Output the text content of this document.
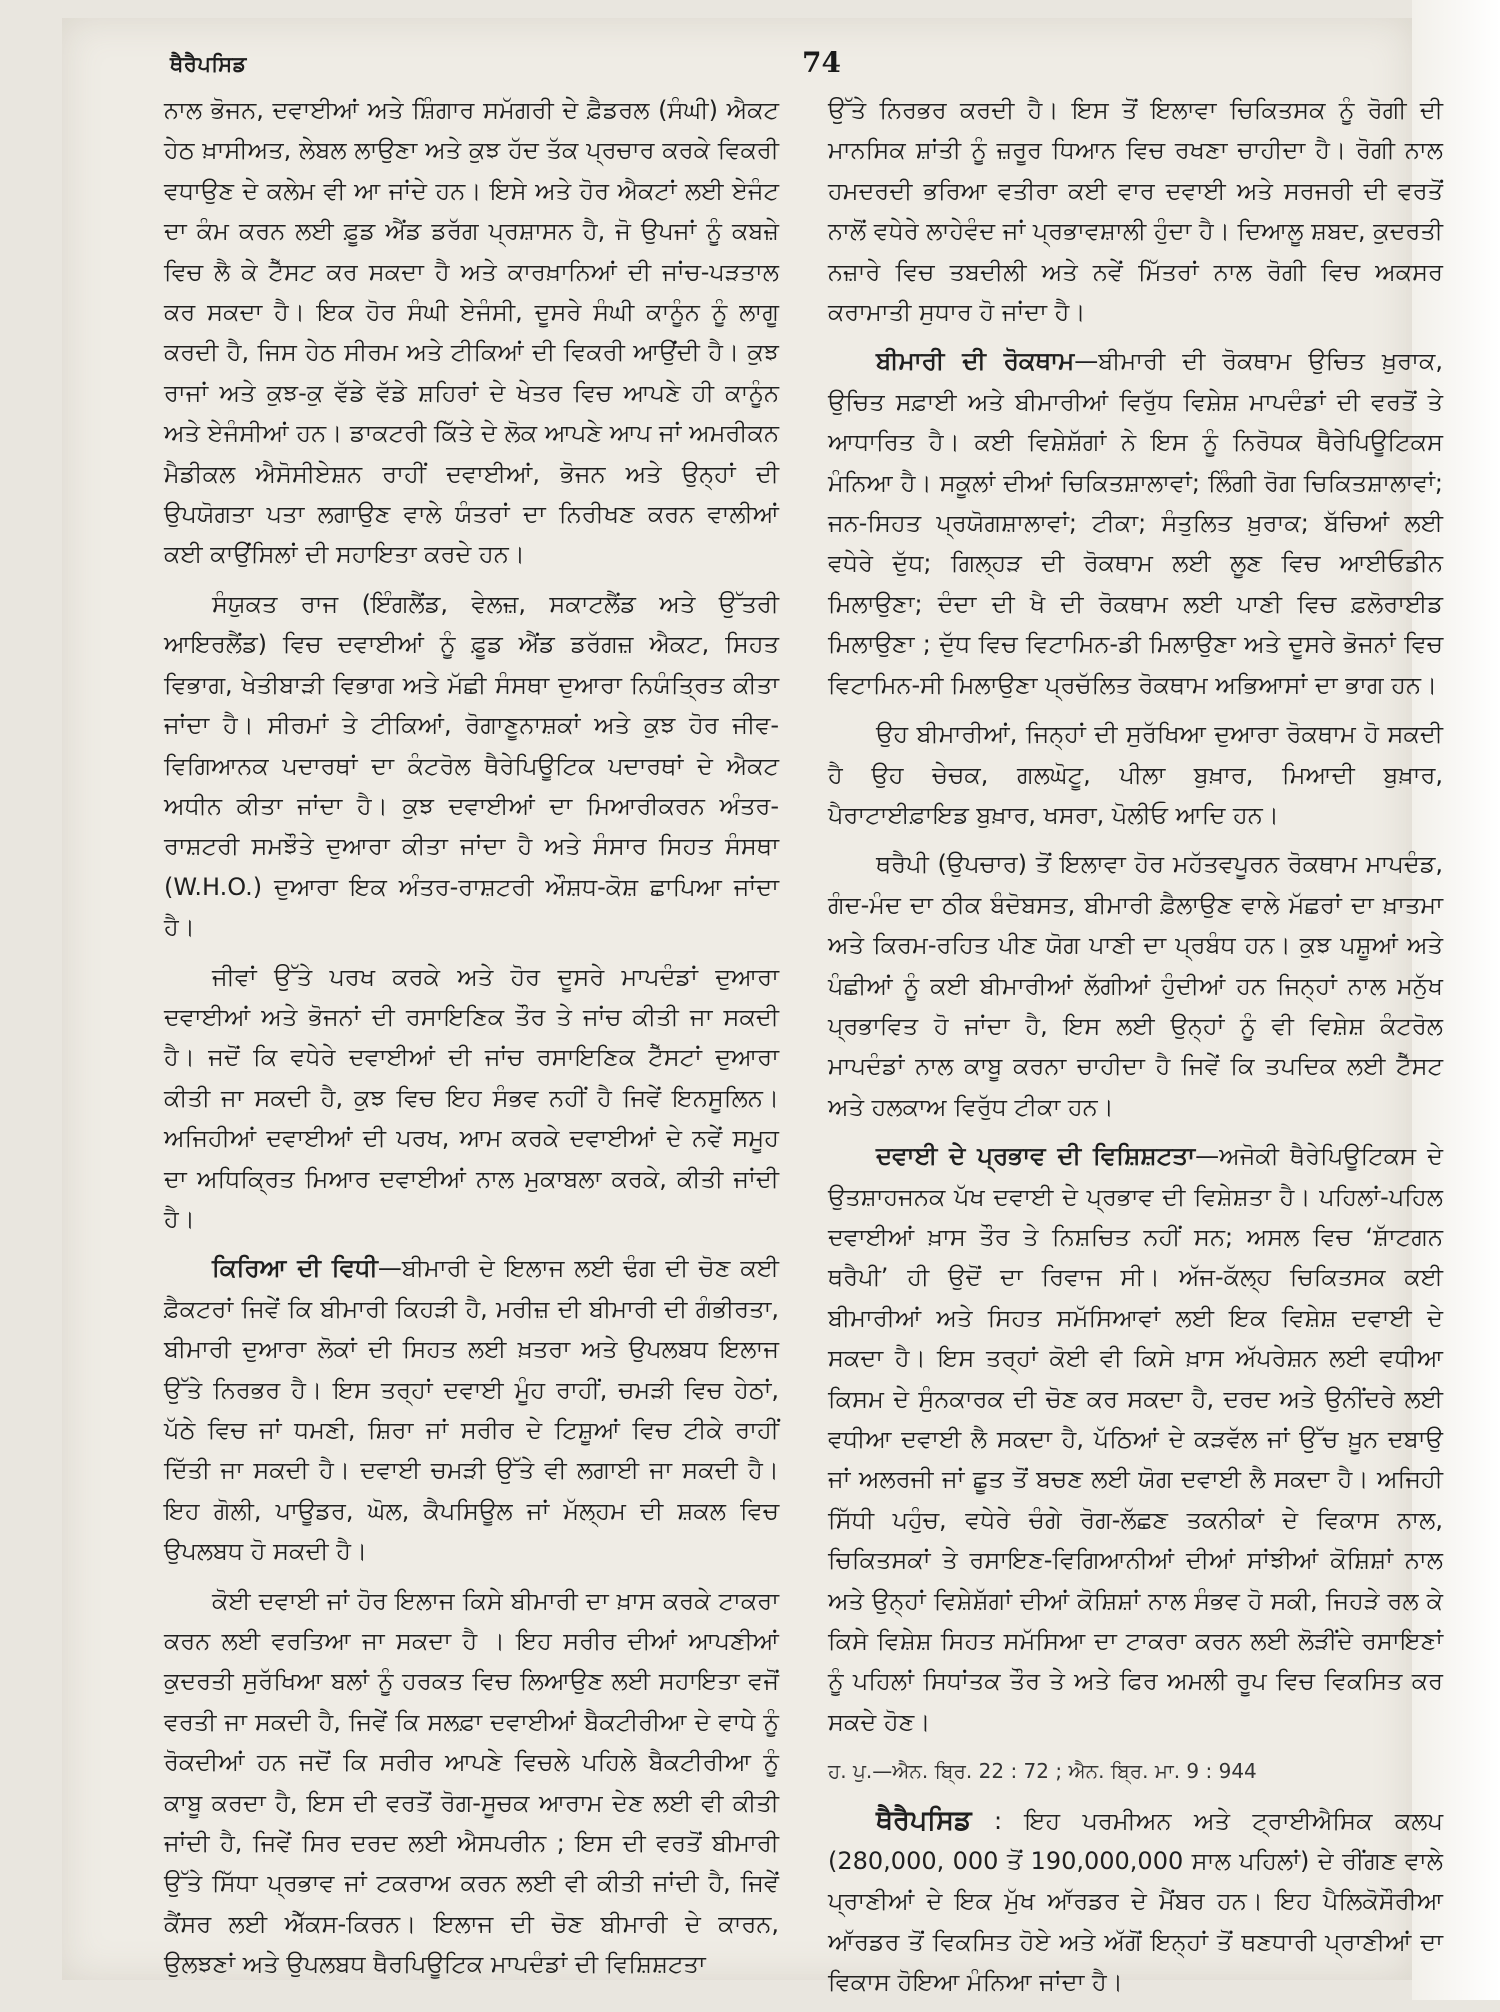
ਥੈਰੈਪਸਿਡ	74

ਨਾਲ ਭੋਜਨ, ਦਵਾਈਆਂ ਅਤੇ ਸ਼ਿੰਗਾਰ ਸਮੱਗਰੀ ਦੇ ਫ਼ੈਡਰਲ (ਸੰਘੀ) ਐਕਟ ਹੇਠ ਖ਼ਾਸੀਅਤ, ਲੇਬਲ ਲਾਉਣਾ ਅਤੇ ਕੁਝ ਹੱਦ ਤੱਕ ਪ੍ਰਚਾਰ ਕਰਕੇ ਵਿਕਰੀ ਵਧਾਉਣ ਦੇ ਕਲੇਮ ਵੀ ਆ ਜਾਂਦੇ ਹਨ। ਇਸੇ ਅਤੇ ਹੋਰ ਐਕਟਾਂ ਲਈ ਏਜੰਟ ਦਾ ਕੰਮ ਕਰਨ ਲਈ ਫ਼ੂਡ ਐਂਡ ਡਰੱਗ ਪ੍ਰਸ਼ਾਸਨ ਹੈ, ਜੋ ਉਪਜਾਂ ਨੂੰ ਕਬਜ਼ੇ ਵਿਚ ਲੈ ਕੇ ਟੈੱਸਟ ਕਰ ਸਕਦਾ ਹੈ ਅਤੇ ਕਾਰਖ਼ਾਨਿਆਂ ਦੀ ਜਾਂਚ-ਪੜਤਾਲ ਕਰ ਸਕਦਾ ਹੈ। ਇਕ ਹੋਰ ਸੰਘੀ ਏਜੰਸੀ, ਦੂਸਰੇ ਸੰਘੀ ਕਾਨੂੰਨ ਨੂੰ ਲਾਗੂ ਕਰਦੀ ਹੈ, ਜਿਸ ਹੇਠ ਸੀਰਮ ਅਤੇ ਟੀਕਿਆਂ ਦੀ ਵਿਕਰੀ ਆਉਂਦੀ ਹੈ। ਕੁਝ ਰਾਜਾਂ ਅਤੇ ਕੁਝ-ਕੁ ਵੱਡੇ ਵੱਡੇ ਸ਼ਹਿਰਾਂ ਦੇ ਖੇਤਰ ਵਿਚ ਆਪਣੇ ਹੀ ਕਾਨੂੰਨ ਅਤੇ ਏਜੰਸੀਆਂ ਹਨ। ਡਾਕਟਰੀ ਕਿੱਤੇ ਦੇ ਲੋਕ ਆਪਣੇ ਆਪ ਜਾਂ ਅਮਰੀਕਨ ਮੈਡੀਕਲ ਐਸੋਸੀਏਸ਼ਨ ਰਾਹੀਂ ਦਵਾਈਆਂ, ਭੋਜਨ ਅਤੇ ਉਨ੍ਹਾਂ ਦੀ ਉਪਯੋਗਤਾ ਪਤਾ ਲਗਾਉਣ ਵਾਲੇ ਯੰਤਰਾਂ ਦਾ ਨਿਰੀਖਣ ਕਰਨ ਵਾਲੀਆਂ ਕਈ ਕਾਉਂਸਿਲਾਂ ਦੀ ਸਹਾਇਤਾ ਕਰਦੇ ਹਨ।

ਸੰਯੁਕਤ ਰਾਜ (ਇੰਗਲੈਂਡ, ਵੇਲਜ਼, ਸਕਾਟਲੈਂਡ ਅਤੇ ਉੱਤਰੀ ਆਇਰਲੈਂਡ) ਵਿਚ ਦਵਾਈਆਂ ਨੂੰ ਫ਼ੂਡ ਐਂਡ ਡਰੱਗਜ਼ ਐਕਟ, ਸਿਹਤ ਵਿਭਾਗ, ਖੇਤੀਬਾੜੀ ਵਿਭਾਗ ਅਤੇ ਮੱਛੀ ਸੰਸਥਾ ਦੁਆਰਾ ਨਿਯੰਤ੍ਰਿਤ ਕੀਤਾ ਜਾਂਦਾ ਹੈ। ਸੀਰਮਾਂ ਤੇ ਟੀਕਿਆਂ, ਰੋਗਾਣੂਨਾਸ਼ਕਾਂ ਅਤੇ ਕੁਝ ਹੋਰ ਜੀਵ-ਵਿਗਿਆਨਕ ਪਦਾਰਥਾਂ ਦਾ ਕੰਟਰੋਲ ਥੈਰੇਪਿਊਟਿਕ ਪਦਾਰਥਾਂ ਦੇ ਐਕਟ ਅਧੀਨ ਕੀਤਾ ਜਾਂਦਾ ਹੈ। ਕੁਝ ਦਵਾਈਆਂ ਦਾ ਮਿਆਰੀਕਰਨ ਅੰਤਰ-ਰਾਸ਼ਟਰੀ ਸਮਝੌਤੇ ਦੁਆਰਾ ਕੀਤਾ ਜਾਂਦਾ ਹੈ ਅਤੇ ਸੰਸਾਰ ਸਿਹਤ ਸੰਸਥਾ (W.H.O.) ਦੁਆਰਾ ਇਕ ਅੰਤਰ-ਰਾਸ਼ਟਰੀ ਔਸ਼ਧ-ਕੋਸ਼ ਛਾਪਿਆ ਜਾਂਦਾ ਹੈ।

ਜੀਵਾਂ ਉੱਤੇ ਪਰਖ ਕਰਕੇ ਅਤੇ ਹੋਰ ਦੂਸਰੇ ਮਾਪਦੰਡਾਂ ਦੁਆਰਾ ਦਵਾਈਆਂ ਅਤੇ ਭੋਜਨਾਂ ਦੀ ਰਸਾਇਣਿਕ ਤੌਰ ਤੇ ਜਾਂਚ ਕੀਤੀ ਜਾ ਸਕਦੀ ਹੈ। ਜਦੋਂ ਕਿ ਵਧੇਰੇ ਦਵਾਈਆਂ ਦੀ ਜਾਂਚ ਰਸਾਇਣਿਕ ਟੈੱਸਟਾਂ ਦੁਆਰਾ ਕੀਤੀ ਜਾ ਸਕਦੀ ਹੈ, ਕੁਝ ਵਿਚ ਇਹ ਸੰਭਵ ਨਹੀਂ ਹੈ ਜਿਵੇਂ ਇਨਸੂਲਿਨ। ਅਜਿਹੀਆਂ ਦਵਾਈਆਂ ਦੀ ਪਰਖ, ਆਮ ਕਰਕੇ ਦਵਾਈਆਂ ਦੇ ਨਵੇਂ ਸਮੂਹ ਦਾ ਅਧਿਕ੍ਰਿਤ ਮਿਆਰ ਦਵਾਈਆਂ ਨਾਲ ਮੁਕਾਬਲਾ ਕਰਕੇ, ਕੀਤੀ ਜਾਂਦੀ ਹੈ।

ਕਿਰਿਆ ਦੀ ਵਿਧੀ—ਬੀਮਾਰੀ ਦੇ ਇਲਾਜ ਲਈ ਢੰਗ ਦੀ ਚੋਣ ਕਈ ਫ਼ੈਕਟਰਾਂ ਜਿਵੇਂ ਕਿ ਬੀਮਾਰੀ ਕਿਹੜੀ ਹੈ, ਮਰੀਜ਼ ਦੀ ਬੀਮਾਰੀ ਦੀ ਗੰਭੀਰਤਾ, ਬੀਮਾਰੀ ਦੁਆਰਾ ਲੋਕਾਂ ਦੀ ਸਿਹਤ ਲਈ ਖ਼ਤਰਾ ਅਤੇ ਉਪਲਬਧ ਇਲਾਜ ਉੱਤੇ ਨਿਰਭਰ ਹੈ। ਇਸ ਤਰ੍ਹਾਂ ਦਵਾਈ ਮੂੰਹ ਰਾਹੀਂ, ਚਮੜੀ ਵਿਚ ਹੇਠਾਂ, ਪੱਠੇ ਵਿਚ ਜਾਂ ਧਮਣੀ, ਸ਼ਿਰਾ ਜਾਂ ਸਰੀਰ ਦੇ ਟਿਸ਼ੂਆਂ ਵਿਚ ਟੀਕੇ ਰਾਹੀਂ ਦਿੱਤੀ ਜਾ ਸਕਦੀ ਹੈ। ਦਵਾਈ ਚਮੜੀ ਉੱਤੇ ਵੀ ਲਗਾਈ ਜਾ ਸਕਦੀ ਹੈ। ਇਹ ਗੋਲੀ, ਪਾਊਡਰ, ਘੋਲ, ਕੈਪਸਿਊਲ ਜਾਂ ਮੱਲ੍ਹਮ ਦੀ ਸ਼ਕਲ ਵਿਚ ਉਪਲਬਧ ਹੋ ਸਕਦੀ ਹੈ।

ਕੋਈ ਦਵਾਈ ਜਾਂ ਹੋਰ ਇਲਾਜ ਕਿਸੇ ਬੀਮਾਰੀ ਦਾ ਖ਼ਾਸ ਕਰਕੇ ਟਾਕਰਾ ਕਰਨ ਲਈ ਵਰਤਿਆ ਜਾ ਸਕਦਾ ਹੈ । ਇਹ ਸਰੀਰ ਦੀਆਂ ਆਪਣੀਆਂ ਕੁਦਰਤੀ ਸੁਰੱਖਿਆ ਬਲਾਂ ਨੂੰ ਹਰਕਤ ਵਿਚ ਲਿਆਉਣ ਲਈ ਸਹਾਇਤਾ ਵਜੋਂ ਵਰਤੀ ਜਾ ਸਕਦੀ ਹੈ, ਜਿਵੇਂ ਕਿ ਸਲਫ਼ਾ ਦਵਾਈਆਂ ਬੈਕਟੀਰੀਆ ਦੇ ਵਾਧੇ ਨੂੰ ਰੋਕਦੀਆਂ ਹਨ ਜਦੋਂ ਕਿ ਸਰੀਰ ਆਪਣੇ ਵਿਚਲੇ ਪਹਿਲੇ ਬੈਕਟੀਰੀਆ ਨੂੰ ਕਾਬੂ ਕਰਦਾ ਹੈ, ਇਸ ਦੀ ਵਰਤੋਂ ਰੋਗ-ਸੂਚਕ ਆਰਾਮ ਦੇਣ ਲਈ ਵੀ ਕੀਤੀ ਜਾਂਦੀ ਹੈ, ਜਿਵੇਂ ਸਿਰ ਦਰਦ ਲਈ ਐਸਪਰੀਨ ; ਇਸ ਦੀ ਵਰਤੋਂ ਬੀਮਾਰੀ ਉੱਤੇ ਸਿੱਧਾ ਪ੍ਰਭਾਵ ਜਾਂ ਟਕਰਾਅ ਕਰਨ ਲਈ ਵੀ ਕੀਤੀ ਜਾਂਦੀ ਹੈ, ਜਿਵੇਂ ਕੈਂਸਰ ਲਈ ਐੱਕਸ-ਕਿਰਨ। ਇਲਾਜ ਦੀ ਚੋਣ ਬੀਮਾਰੀ ਦੇ ਕਾਰਨ, ਉਲਝਣਾਂ ਅਤੇ ਉਪਲਬਧ ਥੈਰਪਿਊਟਿਕ ਮਾਪਦੰਡਾਂ ਦੀ ਵਿਸ਼ਿਸ਼ਟਤਾ

ਉੱਤੇ ਨਿਰਭਰ ਕਰਦੀ ਹੈ। ਇਸ ਤੋਂ ਇਲਾਵਾ ਚਿਕਿਤਸਕ ਨੂੰ ਰੋਗੀ ਦੀ ਮਾਨਸਿਕ ਸ਼ਾਂਤੀ ਨੂੰ ਜ਼ਰੂਰ ਧਿਆਨ ਵਿਚ ਰਖਣਾ ਚਾਹੀਦਾ ਹੈ। ਰੋਗੀ ਨਾਲ ਹਮਦਰਦੀ ਭਰਿਆ ਵਤੀਰਾ ਕਈ ਵਾਰ ਦਵਾਈ ਅਤੇ ਸਰਜਰੀ ਦੀ ਵਰਤੋਂ ਨਾਲੋਂ ਵਧੇਰੇ ਲਾਹੇਵੰਦ ਜਾਂ ਪ੍ਰਭਾਵਸ਼ਾਲੀ ਹੁੰਦਾ ਹੈ। ਦਿਆਲੂ ਸ਼ਬਦ, ਕੁਦਰਤੀ ਨਜ਼ਾਰੇ ਵਿਚ ਤਬਦੀਲੀ ਅਤੇ ਨਵੇਂ ਮਿੱਤਰਾਂ ਨਾਲ ਰੋਗੀ ਵਿਚ ਅਕਸਰ ਕਰਾਮਾਤੀ ਸੁਧਾਰ ਹੋ ਜਾਂਦਾ ਹੈ।

ਬੀਮਾਰੀ ਦੀ ਰੋਕਥਾਮ—ਬੀਮਾਰੀ ਦੀ ਰੋਕਥਾਮ ਉਚਿਤ ਖ਼ੁਰਾਕ, ਉਚਿਤ ਸਫ਼ਾਈ ਅਤੇ ਬੀਮਾਰੀਆਂ ਵਿਰੁੱਧ ਵਿਸ਼ੇਸ਼ ਮਾਪਦੰਡਾਂ ਦੀ ਵਰਤੋਂ ਤੇ ਆਧਾਰਿਤ ਹੈ। ਕਈ ਵਿਸ਼ੇਸ਼ੱਗਾਂ ਨੇ ਇਸ ਨੂੰ ਨਿਰੋਧਕ ਥੈਰੇਪਿਊਟਿਕਸ ਮੰਨਿਆ ਹੈ। ਸਕੂਲਾਂ ਦੀਆਂ ਚਿਕਿਤਸ਼ਾਲਾਵਾਂ; ਲਿੰਗੀ ਰੋਗ ਚਿਕਿਤਸ਼ਾਲਾਵਾਂ; ਜਨ-ਸਿਹਤ ਪ੍ਰਯੋਗਸ਼ਾਲਾਵਾਂ; ਟੀਕਾ; ਸੰਤੁਲਿਤ ਖ਼ੁਰਾਕ; ਬੱਚਿਆਂ ਲਈ ਵਧੇਰੇ ਦੁੱਧ; ਗਿਲ੍ਹੜ ਦੀ ਰੋਕਥਾਮ ਲਈ ਲੂਣ ਵਿਚ ਆਈਓਡੀਨ ਮਿਲਾਉਣਾ; ਦੰਦਾ ਦੀ ਖੈ ਦੀ ਰੋਕਥਾਮ ਲਈ ਪਾਣੀ ਵਿਚ ਫ਼ਲੋਰਾਈਡ ਮਿਲਾਉਣਾ ; ਦੁੱਧ ਵਿਚ ਵਿਟਾਮਿਨ-ਡੀ ਮਿਲਾਉਣਾ ਅਤੇ ਦੂਸਰੇ ਭੋਜਨਾਂ ਵਿਚ ਵਿਟਾਮਿਨ-ਸੀ ਮਿਲਾਉਣਾ ਪ੍ਰਚੱਲਿਤ ਰੋਕਥਾਮ ਅਭਿਆਸਾਂ ਦਾ ਭਾਗ ਹਨ।

ਉਹ ਬੀਮਾਰੀਆਂ, ਜਿਨ੍ਹਾਂ ਦੀ ਸੁਰੱਖਿਆ ਦੁਆਰਾ ਰੋਕਥਾਮ ਹੋ ਸਕਦੀ ਹੈ ਉਹ ਚੇਚਕ, ਗਲਘੋਟੂ, ਪੀਲਾ ਬੁਖ਼ਾਰ, ਮਿਆਦੀ ਬੁਖ਼ਾਰ, ਪੈਰਾਟਾਈਫ਼ਾਇਡ ਬੁਖ਼ਾਰ, ਖਸਰਾ, ਪੋਲੀਓ ਆਦਿ ਹਨ।

ਥਰੈਪੀ (ਉਪਚਾਰ) ਤੋਂ ਇਲਾਵਾ ਹੋਰ ਮਹੱਤਵਪੂਰਨ ਰੋਕਥਾਮ ਮਾਪਦੰਡ, ਗੰਦ-ਮੰਦ ਦਾ ਠੀਕ ਬੰਦੋਬਸਤ, ਬੀਮਾਰੀ ਫ਼ੈਲਾਉਣ ਵਾਲੇ ਮੱਛਰਾਂ ਦਾ ਖ਼ਾਤਮਾ ਅਤੇ ਕਿਰਮ-ਰਹਿਤ ਪੀਣ ਯੋਗ ਪਾਣੀ ਦਾ ਪ੍ਰਬੰਧ ਹਨ। ਕੁਝ ਪਸ਼ੂਆਂ ਅਤੇ ਪੰਛੀਆਂ ਨੂੰ ਕਈ ਬੀਮਾਰੀਆਂ ਲੱਗੀਆਂ ਹੁੰਦੀਆਂ ਹਨ ਜਿਨ੍ਹਾਂ ਨਾਲ ਮਨੁੱਖ ਪ੍ਰਭਾਵਿਤ ਹੋ ਜਾਂਦਾ ਹੈ, ਇਸ ਲਈ ਉਨ੍ਹਾਂ ਨੂੰ ਵੀ ਵਿਸ਼ੇਸ਼ ਕੰਟਰੋਲ ਮਾਪਦੰਡਾਂ ਨਾਲ ਕਾਬੂ ਕਰਨਾ ਚਾਹੀਦਾ ਹੈ ਜਿਵੇਂ ਕਿ ਤਪਦਿਕ ਲਈ ਟੈੱਸਟ ਅਤੇ ਹਲਕਾਅ ਵਿਰੁੱਧ ਟੀਕਾ ਹਨ।

ਦਵਾਈ ਦੇ ਪ੍ਰਭਾਵ ਦੀ ਵਿਸ਼ਿਸ਼ਟਤਾ—ਅਜੋਕੀ ਥੈਰੇਪਿਊਟਿਕਸ ਦੇ ਉਤਸ਼ਾਹਜਨਕ ਪੱਖ ਦਵਾਈ ਦੇ ਪ੍ਰਭਾਵ ਦੀ ਵਿਸ਼ੇਸ਼ਤਾ ਹੈ। ਪਹਿਲਾਂ-ਪਹਿਲ ਦਵਾਈਆਂ ਖ਼ਾਸ ਤੌਰ ਤੇ ਨਿਸ਼ਚਿਤ ਨਹੀਂ ਸਨ; ਅਸਲ ਵਿਚ ‘ਸ਼ਾੱਟਗਨ ਥਰੈਪੀ’ ਹੀ ਉਦੋਂ ਦਾ ਰਿਵਾਜ ਸੀ। ਅੱਜ-ਕੱਲ੍ਹ ਚਿਕਿਤਸਕ ਕਈ ਬੀਮਾਰੀਆਂ ਅਤੇ ਸਿਹਤ ਸਮੱਸਿਆਵਾਂ ਲਈ ਇਕ ਵਿਸ਼ੇਸ਼ ਦਵਾਈ ਦੇ ਸਕਦਾ ਹੈ। ਇਸ ਤਰ੍ਹਾਂ ਕੋਈ ਵੀ ਕਿਸੇ ਖ਼ਾਸ ਅੱਪਰੇਸ਼ਨ ਲਈ ਵਧੀਆ ਕਿਸਮ ਦੇ ਸੁੰਨਕਾਰਕ ਦੀ ਚੋਣ ਕਰ ਸਕਦਾ ਹੈ, ਦਰਦ ਅਤੇ ਉਨੀਂਦਰੇ ਲਈ ਵਧੀਆ ਦਵਾਈ ਲੈ ਸਕਦਾ ਹੈ, ਪੱਠਿਆਂ ਦੇ ਕੜਵੱਲ ਜਾਂ ਉੱਚ ਖ਼ੂਨ ਦਬਾਉ ਜਾਂ ਅਲਰਜੀ ਜਾਂ ਛੂਤ ਤੋਂ ਬਚਣ ਲਈ ਯੋਗ ਦਵਾਈ ਲੈ ਸਕਦਾ ਹੈ। ਅਜਿਹੀ ਸਿੱਧੀ ਪਹੁੰਚ, ਵਧੇਰੇ ਚੰਗੇ ਰੋਗ-ਲੱਛਣ ਤਕਨੀਕਾਂ ਦੇ ਵਿਕਾਸ ਨਾਲ, ਚਿਕਿਤਸਕਾਂ ਤੇ ਰਸਾਇਣ-ਵਿਗਿਆਨੀਆਂ ਦੀਆਂ ਸਾਂਝੀਆਂ ਕੋਸ਼ਿਸ਼ਾਂ ਨਾਲ ਅਤੇ ਉਨ੍ਹਾਂ ਵਿਸ਼ੇਸ਼ੱਗਾਂ ਦੀਆਂ ਕੋਸ਼ਿਸ਼ਾਂ ਨਾਲ ਸੰਭਵ ਹੋ ਸਕੀ, ਜਿਹੜੇ ਰਲ ਕੇ ਕਿਸੇ ਵਿਸ਼ੇਸ਼ ਸਿਹਤ ਸਮੱਸਿਆ ਦਾ ਟਾਕਰਾ ਕਰਨ ਲਈ ਲੋੜੀਂਦੇ ਰਸਾਇਣਾਂ ਨੂੰ ਪਹਿਲਾਂ ਸਿਧਾਂਤਕ ਤੌਰ ਤੇ ਅਤੇ ਫਿਰ ਅਮਲੀ ਰੂਪ ਵਿਚ ਵਿਕਸਿਤ ਕਰ ਸਕਦੇ ਹੋਣ।

ਹ. ਪੁ.—ਐਨ. ਬ੍ਰਿ. 22 : 72 ; ਐਨ. ਬ੍ਰਿ. ਮਾ. 9 : 944

ਥੈਰੈਪਸਿਡ : ਇਹ ਪਰਮੀਅਨ ਅਤੇ ਟ੍ਰਾਈਐਸਿਕ ਕਲਪ (280,000, 000 ਤੋਂ 190,000,000 ਸਾਲ ਪਹਿਲਾਂ) ਦੇ ਰੀਂਗਣ ਵਾਲੇ ਪ੍ਰਾਣੀਆਂ ਦੇ ਇਕ ਮੁੱਖ ਆੱਰਡਰ ਦੇ ਮੈਂਬਰ ਹਨ। ਇਹ ਪੈਲਿਕੋਸੌਰੀਆ ਆੱਰਡਰ ਤੋਂ ਵਿਕਸਿਤ ਹੋਏ ਅਤੇ ਅੱਗੋਂ ਇਨ੍ਹਾਂ ਤੋਂ ਥਣਧਾਰੀ ਪ੍ਰਾਣੀਆਂ ਦਾ ਵਿਕਾਸ ਹੋਇਆ ਮੰਨਿਆ ਜਾਂਦਾ ਹੈ।
